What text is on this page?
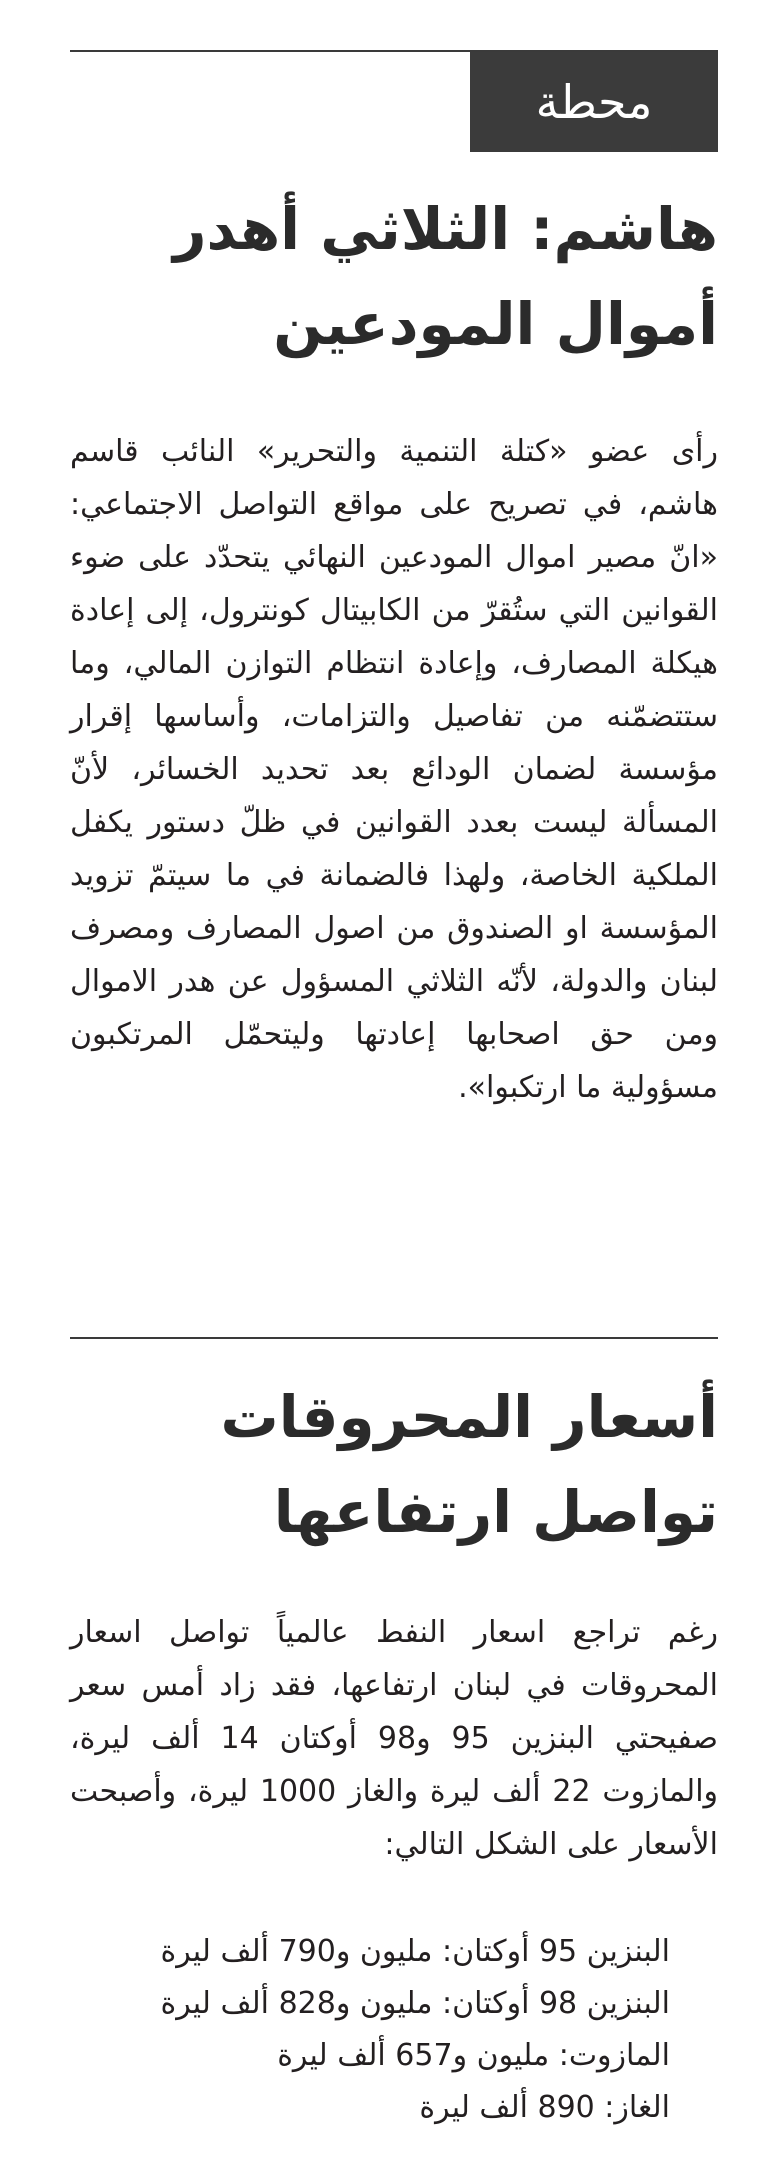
محطة
هاشم: الثلاثي أهدر أموال المودعين

رأى عضو «كتلة التنمية والتحرير» النائب قاسم هاشم، في تصريح على مواقع التواصل الاجتماعي: «انّ مصير اموال المودعين النهائي يتحدّد على ضوء القوانين التي ستُقرّ من الكابيتال كونترول، إلى إعادة هيكلة المصارف، وإعادة انتظام التوازن المالي، وما ستتضمّنه من تفاصيل والتزامات، وأساسها إقرار مؤسسة لضمان الودائع بعد تحديد الخسائر، لأنّ المسألة ليست بعدد القوانين في ظلّ دستور يكفل الملكية الخاصة، ولهذا فالضمانة في ما سيتمّ تزويد المؤسسة او الصندوق من اصول المصارف ومصرف لبنان والدولة، لأنّه الثلاثي المسؤول عن هدر الاموال ومن حق اصحابها إعادتها وليتحمّل المرتكبون مسؤولية ما ارتكبوا».

أسعار المحروقات تواصل ارتفاعها

رغم تراجع اسعار النفط عالمياً تواصل اسعار المحروقات في لبنان ارتفاعها، فقد زاد أمس سعر صفيحتي البنزين 95 و98 أوكتان 14 ألف ليرة، والمازوت 22 ألف ليرة والغاز 1000 ليرة، وأصبحت الأسعار على الشكل التالي:

البنزين 95 أوكتان: مليون و790 ألف ليرة
البنزين 98 أوكتان: مليون و828 ألف ليرة
المازوت: مليون و657 ألف ليرة
الغاز: 890 ألف ليرة
